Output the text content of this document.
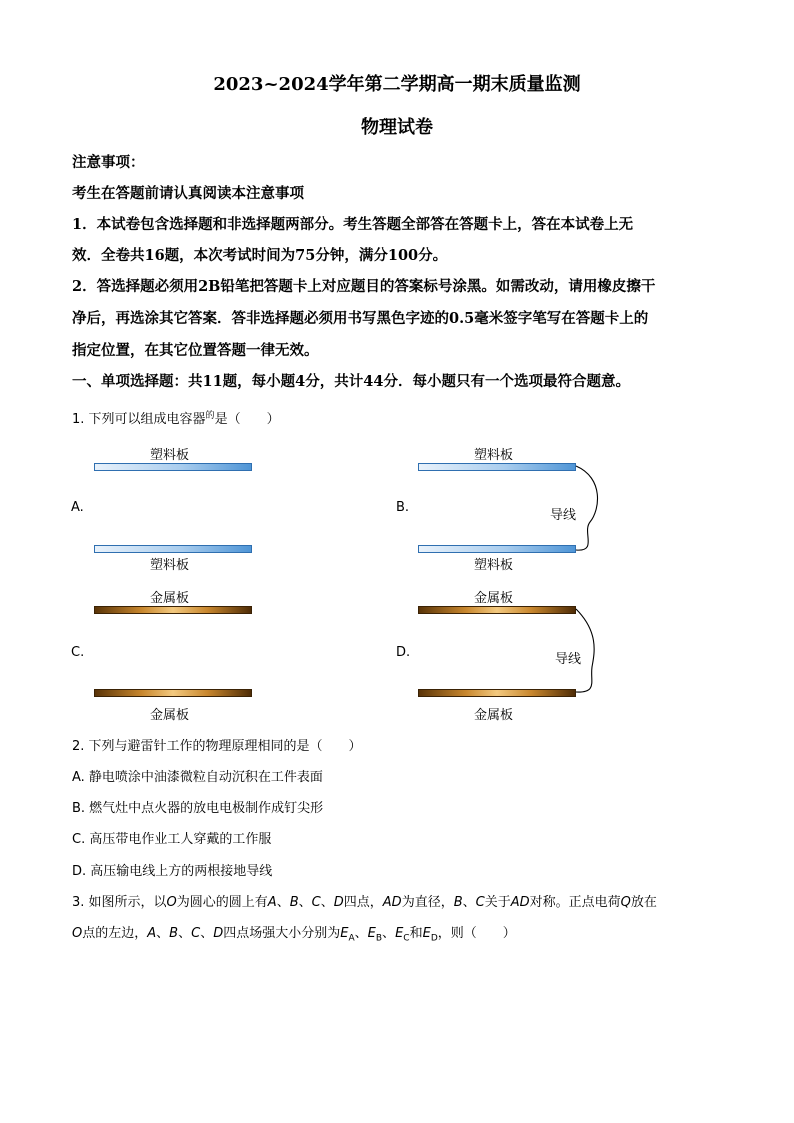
2023~2024学年第二学期高一期末质量监测
物理试卷
注意事项：
考生在答题前请认真阅读本注意事项
1．本试卷包含选择题和非选择题两部分。考生答题全部答在答题卡上，答在本试卷上无
效．全卷共16题，本次考试时间为75分钟，满分100分。
2．答选择题必须用2B铅笔把答题卡上对应题目的答案标号涂黑。如需改动，请用橡皮擦干
净后，再选涂其它答案．答非选择题必须用书写黑色字迹的0.5毫米签字笔写在答题卡上的
指定位置，在其它位置答题一律无效。
一、单项选择题：共11题，每小题4分，共计44分．每小题只有一个选项最符合题意。
1. 下列可以组成电容器$^的$是（　　）
塑料板
A.
塑料板
塑料板
B.
导线
塑料板
金属板
C.
金属板
金属板
D.	导线
金属板
2. 下列与避雷针工作的物理原理相同的是（　　）
A. 静电喷涂中油漆微粒自动沉积在工件表面
B. 燃气灶中点火器的放电电极制作成钉尖形
C. 高压带电作业工人穿戴的工作服
D. 高压输电线上方的两根接地导线
3. 如图所示，以O为圆心的圆上有A、B、C、D四点，AD为直径，B、C关于AD对称。正点电荷Q放在
O点的左边，A、B、C、D四点场强大小分别为$E_A$、$E_B$、$E_C$和$E_D$，则（　　）
